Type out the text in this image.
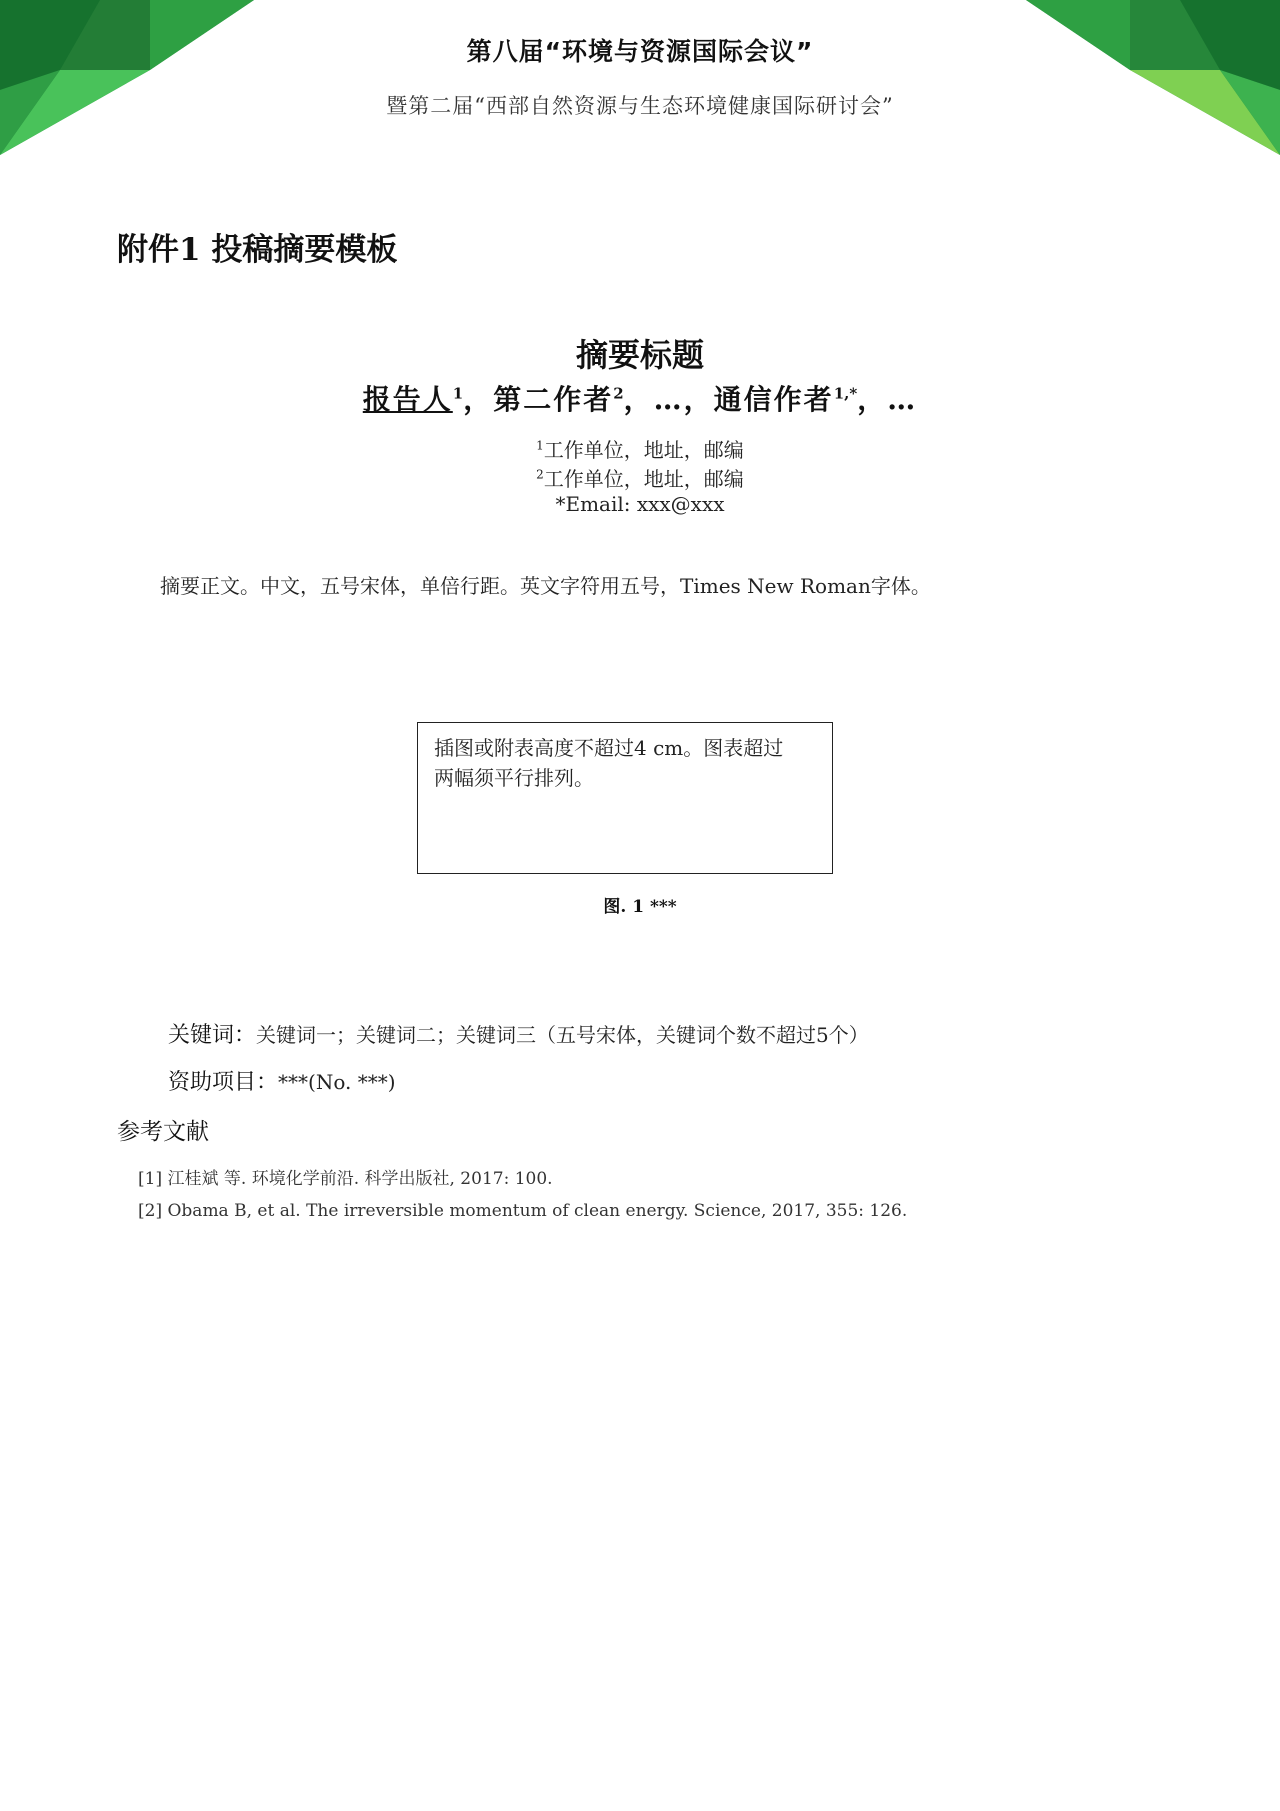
第八届“环境与资源国际会议”
暨第二届“西部自然资源与生态环境健康国际研讨会”
附件1 投稿摘要模板
摘要标题
报告人$^1$，第二作者$^2$，…，通信作者$^{1,*}$，…
$^1$工作单位，地址，邮编
$^2$工作单位，地址，邮编
*Email: xxx@xxx
摘要正文。中文，五号宋体，单倍行距。英文字符用五号，Times New Roman字体。
插图或附表高度不超过4 cm。图表超过
两幅须平行排列。
图. 1 ***
关键词：关键词一；关键词二；关键词三（五号宋体，关键词个数不超过5个）
资助项目：***(No. ***)
参考文献
[1] 江桂斌 等. 环境化学前沿. 科学出版社, 2017: 100.
[2] Obama B, et al. The irreversible momentum of clean energy. Science, 2017, 355: 126.
